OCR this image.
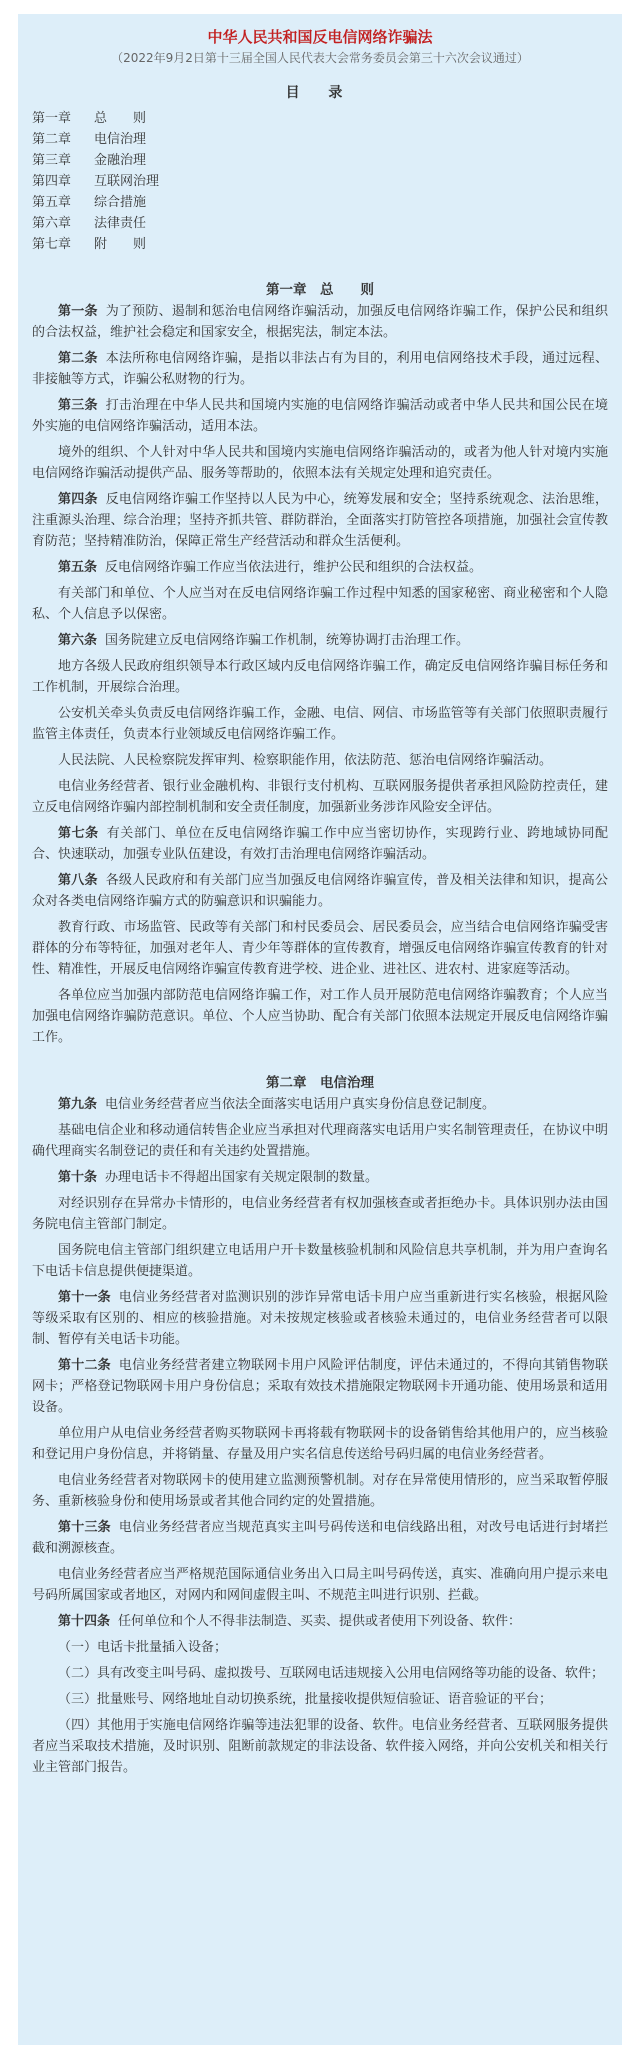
中华人民共和国反电信网络诈骗法
（2022年9月2日第十三届全国人民代表大会常务委员会第三十六次会议通过）
目 录
第一章	总　　则
第二章	电信治理
第三章	金融治理
第四章	互联网治理
第五章	综合措施
第六章	法律责任
第七章	附　　则
第一章　总　　则

第一条 为了预防、遏制和惩治电信网络诈骗活动，加强反电信网络诈骗工作，保护公民和组织的合法权益，维护社会稳定和国家安全，根据宪法，制定本法。

第二条 本法所称电信网络诈骗，是指以非法占有为目的，利用电信网络技术手段，通过远程、非接触等方式，诈骗公私财物的行为。

第三条 打击治理在中华人民共和国境内实施的电信网络诈骗活动或者中华人民共和国公民在境外实施的电信网络诈骗活动，适用本法。

境外的组织、个人针对中华人民共和国境内实施电信网络诈骗活动的，或者为他人针对境内实施电信网络诈骗活动提供产品、服务等帮助的，依照本法有关规定处理和追究责任。

第四条 反电信网络诈骗工作坚持以人民为中心，统筹发展和安全；坚持系统观念、法治思维，注重源头治理、综合治理；坚持齐抓共管、群防群治，全面落实打防管控各项措施，加强社会宣传教育防范；坚持精准防治，保障正常生产经营活动和群众生活便利。

第五条 反电信网络诈骗工作应当依法进行，维护公民和组织的合法权益。

有关部门和单位、个人应当对在反电信网络诈骗工作过程中知悉的国家秘密、商业秘密和个人隐私、个人信息予以保密。

第六条 国务院建立反电信网络诈骗工作机制，统筹协调打击治理工作。

地方各级人民政府组织领导本行政区域内反电信网络诈骗工作，确定反电信网络诈骗目标任务和工作机制，开展综合治理。

公安机关牵头负责反电信网络诈骗工作，金融、电信、网信、市场监管等有关部门依照职责履行监管主体责任，负责本行业领域反电信网络诈骗工作。

人民法院、人民检察院发挥审判、检察职能作用，依法防范、惩治电信网络诈骗活动。

电信业务经营者、银行业金融机构、非银行支付机构、互联网服务提供者承担风险防控责任，建立反电信网络诈骗内部控制机制和安全责任制度，加强新业务涉诈风险安全评估。

第七条 有关部门、单位在反电信网络诈骗工作中应当密切协作，实现跨行业、跨地域协同配合、快速联动，加强专业队伍建设，有效打击治理电信网络诈骗活动。

第八条 各级人民政府和有关部门应当加强反电信网络诈骗宣传，普及相关法律和知识，提高公众对各类电信网络诈骗方式的防骗意识和识骗能力。

教育行政、市场监管、民政等有关部门和村民委员会、居民委员会，应当结合电信网络诈骗受害群体的分布等特征，加强对老年人、青少年等群体的宣传教育，增强反电信网络诈骗宣传教育的针对性、精准性，开展反电信网络诈骗宣传教育进学校、进企业、进社区、进农村、进家庭等活动。

各单位应当加强内部防范电信网络诈骗工作，对工作人员开展防范电信网络诈骗教育；个人应当加强电信网络诈骗防范意识。单位、个人应当协助、配合有关部门依照本法规定开展反电信网络诈骗工作。

第二章　电信治理

第九条 电信业务经营者应当依法全面落实电话用户真实身份信息登记制度。

基础电信企业和移动通信转售企业应当承担对代理商落实电话用户实名制管理责任，在协议中明确代理商实名制登记的责任和有关违约处置措施。

第十条 办理电话卡不得超出国家有关规定限制的数量。

对经识别存在异常办卡情形的，电信业务经营者有权加强核查或者拒绝办卡。具体识别办法由国务院电信主管部门制定。

国务院电信主管部门组织建立电话用户开卡数量核验机制和风险信息共享机制，并为用户查询名下电话卡信息提供便捷渠道。

第十一条 电信业务经营者对监测识别的涉诈异常电话卡用户应当重新进行实名核验，根据风险等级采取有区别的、相应的核验措施。对未按规定核验或者核验未通过的，电信业务经营者可以限制、暂停有关电话卡功能。

第十二条 电信业务经营者建立物联网卡用户风险评估制度，评估未通过的，不得向其销售物联网卡；严格登记物联网卡用户身份信息；采取有效技术措施限定物联网卡开通功能、使用场景和适用设备。

单位用户从电信业务经营者购买物联网卡再将载有物联网卡的设备销售给其他用户的，应当核验和登记用户身份信息，并将销量、存量及用户实名信息传送给号码归属的电信业务经营者。

电信业务经营者对物联网卡的使用建立监测预警机制。对存在异常使用情形的，应当采取暂停服务、重新核验身份和使用场景或者其他合同约定的处置措施。

第十三条 电信业务经营者应当规范真实主叫号码传送和电信线路出租，对改号电话进行封堵拦截和溯源核查。

电信业务经营者应当严格规范国际通信业务出入口局主叫号码传送，真实、准确向用户提示来电号码所属国家或者地区，对网内和网间虚假主叫、不规范主叫进行识别、拦截。

第十四条 任何单位和个人不得非法制造、买卖、提供或者使用下列设备、软件：

（一）电话卡批量插入设备；

（二）具有改变主叫号码、虚拟拨号、互联网电话违规接入公用电信网络等功能的设备、软件；

（三）批量账号、网络地址自动切换系统，批量接收提供短信验证、语音验证的平台；

（四）其他用于实施电信网络诈骗等违法犯罪的设备、软件。电信业务经营者、互联网服务提供者应当采取技术措施，及时识别、阻断前款规定的非法设备、软件接入网络，并向公安机关和相关行业主管部门报告。
